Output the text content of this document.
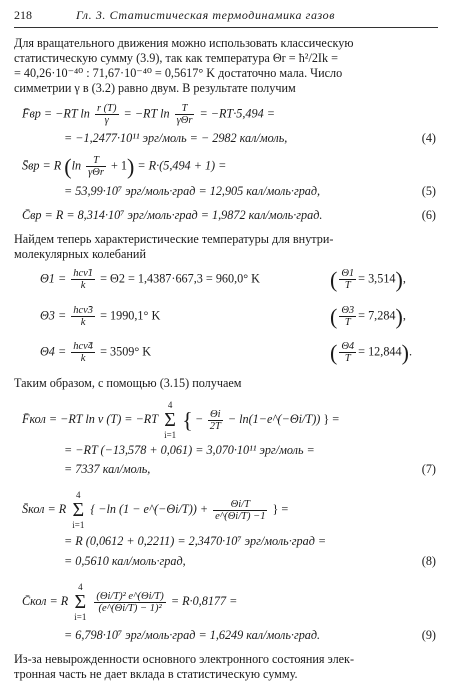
218	Гл. 3. Статистическая термодинамика газов
Для вращательного движения можно использовать классическую
статистическую сумму (3.9), так как температура Θr = ħ²/2Ik =
= 40,26·10⁻⁴⁰ : 71,67·10⁻⁴⁰ = 0,5617° K достаточно мала. Число
симметрии γ в (3.2) равно двум. В результате получим
F̄вр = −RT $\ln \frac{r (T)}{\gamma} = -RT$ $\ln \frac{T}{\text{γΘr}} = -RT\cdot 5,494$ =
= −1,2477·10¹¹ эрг/моль = − 2982 кал/моль,	(4)
S̄вр = R $(\ln \frac{T}{\text{γΘr}} + 1) = R\cdot(5,494 + 1)$ =
= 53,99·10⁷ эрг/моль·град = 12,905 кал/моль·град,	(5)
C̄вр = R = 8,314·10⁷ эрг/моль·град = 1,9872 кал/моль·град.	(6)
Найдем теперь характеристические температуры для внутри-
молекулярных колебаний
$\Theta 1 = \frac{\text{hcν̃1}}{k} = \Theta 2 = 1,4387\cdot 667,3 = 960,0^\circ$ K	( $\frac{\Theta 1}{T} = 3,514$),
$\Theta 3 = \frac{\text{hcν̃3}}{k} = 1990,1^\circ$ K	( $\frac{\Theta 3}{T} = 7,284$),
$\Theta 4 = \frac{\text{hcν̃4}}{k} = 3509^\circ$ K	( $\frac{\Theta 4}{T} = 12,844$).
Таким образом, с помощью (3.15) получаем
F̄кол = −RT ln v (T) = −RT 4
Σ
i=1 { − $\frac{\Theta i}{2T}$ − ln(1−e^(−Θi/T)) } =
= −RT (−13,578 + 0,061) = 3,070·10¹¹ эрг/моль =
= 7337 кал/моль,	(7)
S̄кол = R 4
Σ
i=1 { −ln (1 − e^(−Θi/T)) + $\frac{\Theta i/T}{e\^{}(\Theta i/T) -1}$ } =
= R (0,0612 + 0,2211) = 2,3470·10⁷ эрг/моль·град =
= 0,5610 кал/моль·град,	(8)
C̄кол = R 4
Σ
i=1
$\frac{\text{(Θi/T)² e\textasciicircum{}(Θi/T)}}{\text{(e\textasciicircum{}(Θi/T) − 1)²}} = R\cdot 0,8177$ =
= 6,798·10⁷ эрг/моль·град = 1,6249 кал/моль·град.	(9)
Из-за невырожденности основного электронного состояния элек-
тронная часть не дает вклада в статистическую сумму.
